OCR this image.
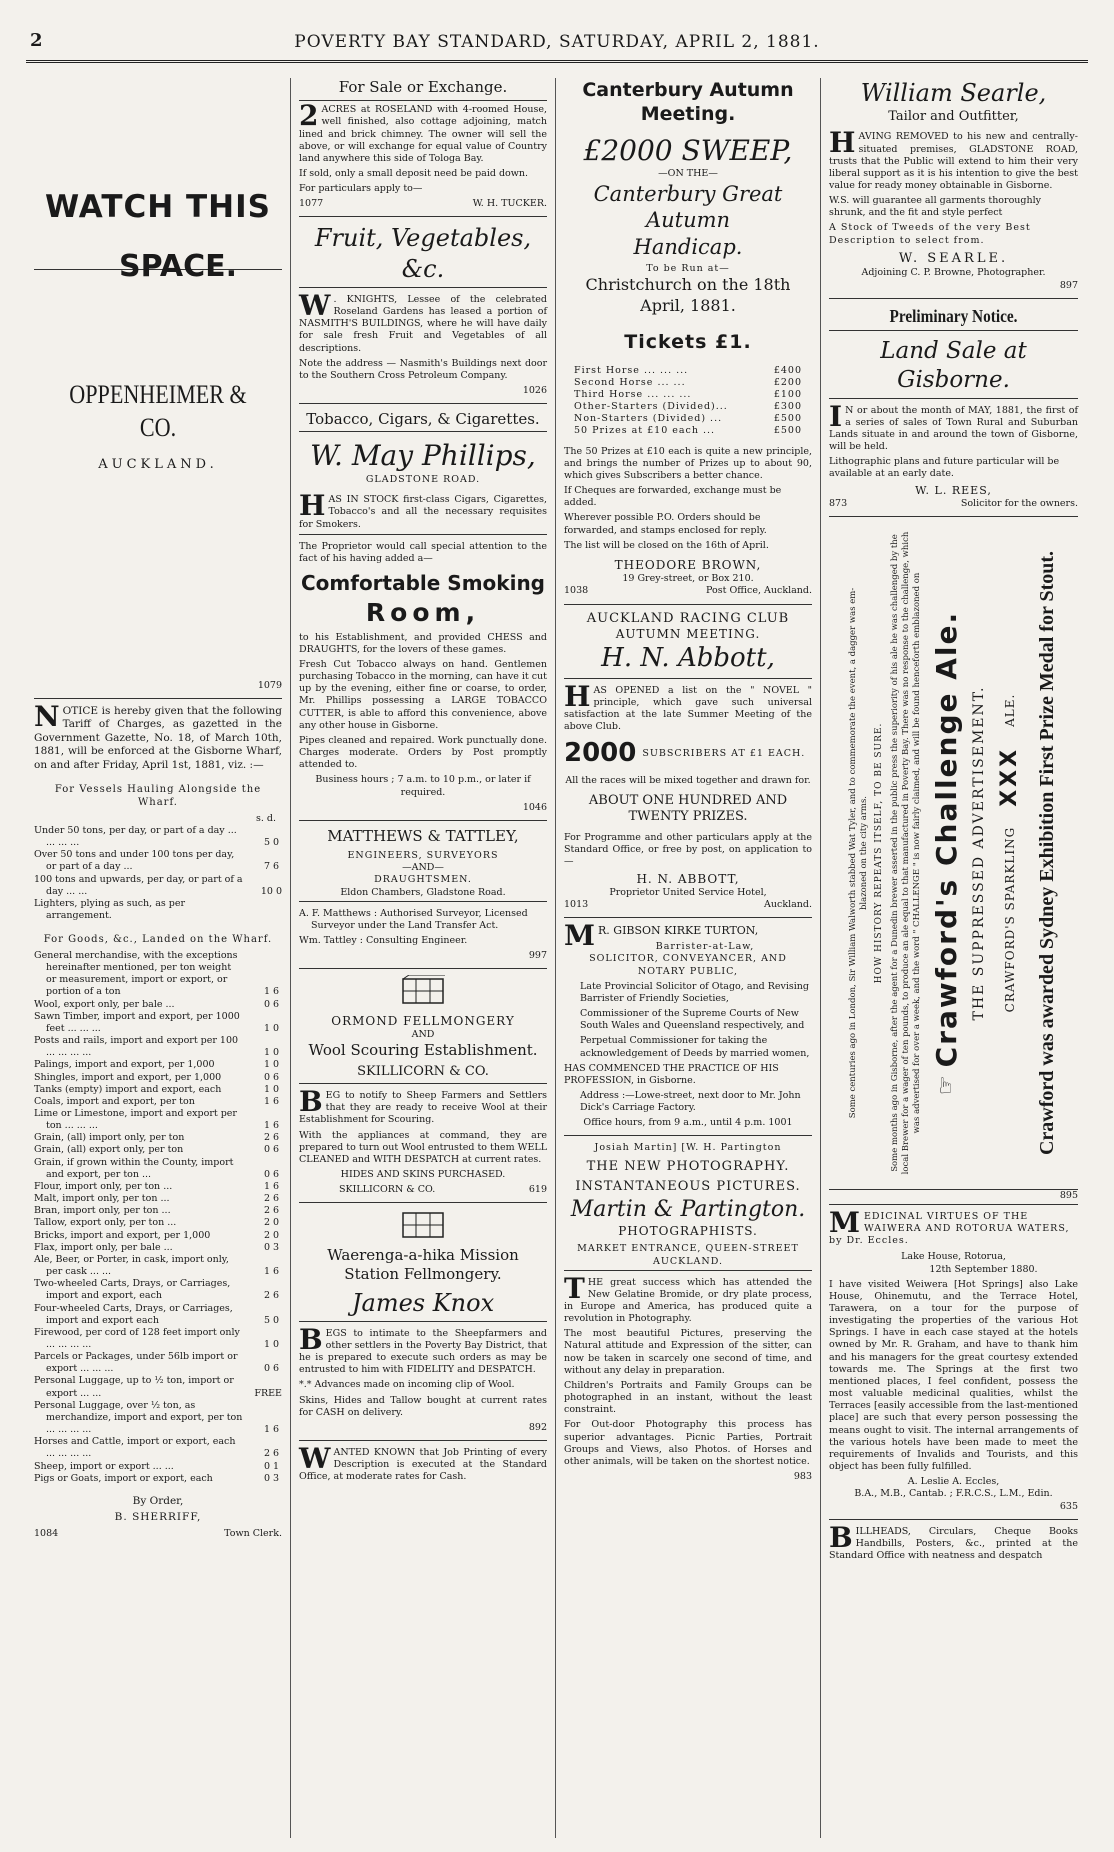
2	POVERTY BAY STANDARD, SATURDAY, APRIL 2, 1881.
WATCH THIS
SPACE.
OPPENHEIMER & CO.
AUCKLAND.
1079

NOTICE is hereby given that the following Tariff of Charges, as gazetted in the Government Gazette, No. 18, of March 10th, 1881, will be enforced at the Gisborne Wharf, on and after Friday, April 1st, 1881, viz. :—

For Vessels Hauling Alongside the Wharf.

s. d.
Under 50 tons, per day, or part of a day ... ... ... ...	5 0
Over 50 tons and under 100 tons per day, or part of a day ...	7 6
100 tons and upwards, per day, or part of a day ... ...	10 0
Lighters, plying as such, as per arrangement.

For Goods, &c., Landed on the Wharf.

General merchandise, with the exceptions hereinafter mentioned, per ton weight or measurement, import or export, or portion of a ton	1 6
Wool, export only, per bale ...	0 6
Sawn Timber, import and export, per 1000 feet ... ... ...	1 0
Posts and rails, import and export per 100 ... ... ... ...	1 0
Palings, import and export, per 1,000	1 0
Shingles, import and export, per 1,000	0 6
Tanks (empty) import and export, each	1 0
Coals, import and export, per ton	1 6
Lime or Limestone, import and export per ton ... ... ...	1 6
Grain, (all) import only, per ton	2 6
Grain, (all) export only, per ton	0 6
Grain, if grown within the County, import and export, per ton ...	0 6
Flour, import only, per ton ...	1 6
Malt, import only, per ton ...	2 6
Bran, import only, per ton ...	2 6
Tallow, export only, per ton ...	2 0
Bricks, import and export, per 1,000	2 0
Flax, import only, per bale ...	0 3
Ale, Beer, or Porter, in cask, import only, per cask ... ...	1 6
Two-wheeled Carts, Drays, or Carriages, import and export, each	2 6
Four-wheeled Carts, Drays, or Carriages, import and export each	5 0
Firewood, per cord of 128 feet import only ... ... ... ...	1 0
Parcels or Packages, under 56lb import or export ... ... ...	0 6
Personal Luggage, up to ½ ton, import or export ... ...	FREE
Personal Luggage, over ½ ton, as merchandize, import and export, per ton ... ... ... ...	1 6
Horses and Cattle, import or export, each ... ... ... ...	2 6
Sheep, import or export ... ...	0 1
Pigs or Goats, import or export, each	0 3

By Order,

B. SHERRIFF,

1084	Town Clerk.
For Sale or Exchange.

2 ACRES at ROSELAND with 4-roomed House, well finished, also cottage adjoining, match lined and brick chimney. The owner will sell the above, or will exchange for equal value of Country land anywhere this side of Tologa Bay.

If sold, only a small deposit need be paid down.

For particulars apply to—

1077	W. H. TUCKER.
Fruit, Vegetables, &c.

W . KNIGHTS, Lessee of the celebrated Roseland Gardens has leased a portion of NASMITH'S BUILDINGS, where he will have daily for sale fresh Fruit and Vegetables of all descriptions.

Note the address — Nasmith's Buildings next door to the Southern Cross Petroleum Company.

1026
Tobacco, Cigars, & Cigarettes.
W. May Phillips,
GLADSTONE ROAD.

HAS IN STOCK first-class Cigars, Cigarettes, Tobacco's and all the necessary requisites for Smokers.

The Proprietor would call special attention to the fact of his having added a—

Comfortable Smoking
Room,

to his Establishment, and provided CHESS and DRAUGHTS, for the lovers of these games.

Fresh Cut Tobacco always on hand. Gentlemen purchasing Tobacco in the morning, can have it cut up by the evening, either fine or coarse, to order, Mr. Phillips possessing a LARGE TOBACCO CUTTER, is able to afford this convenience, above any other house in Gisborne.

Pipes cleaned and repaired. Work punctually done. Charges moderate. Orders by Post promptly attended to.

Business hours ; 7 a.m. to 10 p.m., or later if required.

1046
MATTHEWS & TATTLEY,
ENGINEERS, SURVEYORS
—AND—
DRAUGHTSMEN.
Eldon Chambers, Gladstone Road.

A. F. Matthews : Authorised Surveyor, Licensed Surveyor under the Land Transfer Act.

Wm. Tattley : Consulting Engineer.

997
ORMOND FELLMONGERY
AND
Wool Scouring Establishment.
SKILLICORN & CO.

BEG to notify to Sheep Farmers and Settlers that they are ready to receive Wool at their Establishment for Scouring.

With the appliances at command, they are prepared to turn out Wool entrusted to them WELL CLEANED and WITH DESPATCH at current rates.

HIDES AND SKINS PURCHASED.

SKILLICORN & CO.	619
Waerenga-a-hika Mission
Station Fellmongery.
James Knox

BEGS to intimate to the Sheepfarmers and other settlers in the Poverty Bay District, that he is prepared to execute such orders as may be entrusted to him with FIDELITY and DESPATCH.

*.* Advances made on incoming clip of Wool.

Skins, Hides and Tallow bought at current rates for CASH on delivery.

892

WANTED KNOWN that Job Printing of every Description is executed at the Standard Office, at moderate rates for Cash.

Canterbury Autumn
Meeting.
£2000 SWEEP,
—ON THE—
Canterbury Great Autumn
Handicap.
To be Run at—
Christchurch on the 18th
April, 1881.
Tickets £1.
First Horse ... ... ...	£400
Second Horse ... ...	£200
Third Horse ... ... ...	£100
Other-Starters (Divided)...	£300
Non-Starters (Divided) ...	£500
50 Prizes at £10 each ...	£500

The 50 Prizes at £10 each is quite a new principle, and brings the number of Prizes up to about 90, which gives Subscribers a better chance.

If Cheques are forwarded, exchange must be added.

Wherever possible P.O. Orders should be forwarded, and stamps enclosed for reply.

The list will be closed on the 16th of April.

THEODORE BROWN,
19 Grey-street, or Box 210.
1038	Post Office, Auckland.
AUCKLAND RACING CLUB
AUTUMN MEETING.
H. N. Abbott,

HAS OPENED a list on the " NOVEL " principle, which gave such universal satisfaction at the late Summer Meeting of the above Club.

2000 SUBSCRIBERS AT £1 EACH.

All the races will be mixed together and drawn for.

ABOUT ONE HUNDRED AND
TWENTY PRIZES.

For Programme and other particulars apply at the Standard Office, or free by post, on application to—

H. N. ABBOTT,
Proprietor United Service Hotel,
1013	Auckland.

M R. GIBSON KIRKE TURTON,

Barrister-at-Law,
SOLICITOR, CONVEYANCER, AND NOTARY PUBLIC,

Late Provincial Solicitor of Otago, and Revising Barrister of Friendly Societies,

Commissioner of the Supreme Courts of New South Wales and Queensland respectively, and

Perpetual Commissioner for taking the acknowledgement of Deeds by married women,

HAS COMMENCED THE PRACTICE OF HIS PROFESSION, in Gisborne.

Address :—Lowe-street, next door to Mr. John Dick's Carriage Factory.

Office hours, from 9 a.m., until 4 p.m. 1001

Josiah Martin] [W. H. Partington
THE NEW PHOTOGRAPHY.
INSTANTANEOUS PICTURES.
Martin & Partington.
PHOTOGRAPHISTS.
MARKET ENTRANCE, QUEEN-STREET AUCKLAND.

THE great success which has attended the New Gelatine Bromide, or dry plate process, in Europe and America, has produced quite a revolution in Photography.

The most beautiful Pictures, preserving the Natural attitude and Expression of the sitter, can now be taken in scarcely one second of time, and without any delay in preparation.

Children's Portraits and Family Groups can be photographed in an instant, without the least constraint.

For Out-door Photography this process has superior advantages. Picnic Parties, Portrait Groups and Views, also Photos. of Horses and other animals, will be taken on the shortest notice.

983
William Searle,
Tailor and Outfitter,

HAVING REMOVED to his new and centrally-situated premises, GLADSTONE ROAD, trusts that the Public will extend to him their very liberal support as it is his intention to give the best value for ready money obtainable in Gisborne.

W.S. will guarantee all garments thoroughly shrunk, and the fit and style perfect

A Stock of Tweeds of the very Best Description to select from.

W. SEARLE.
Adjoining C. P. Browne, Photographer.
897
Preliminary Notice.
Land Sale at Gisborne.

I N or about the month of MAY, 1881, the first of a series of sales of Town Rural and Suburban Lands situate in and around the town of Gisborne, will be held.

Lithographic plans and future particular will be available at an early date.

W. L. REES,
873	Solicitor for the owners.
Some centuries ago in London, Sir William Walworth stabbed Wat Tyler, and to commemorate the event, a dagger was em-
blazoned on the city arms. HOW HISTORY REPEATS ITSELF, TO BE SURE. Some months ago in Gisborne, after the agent for a Dunedin brewer asserted in the public press the superiority of his ale he was challenged by the local Brewer for a wager of ten pounds, to produce an ale equal to that manufactured in Poverty Bay. There was no response to the challenge, which was advertised for over a week, and the word " CHALLENGE " is now fairly claimed, and will be found henceforth emblazoned on
☞
Crawford's Challenge Ale. THE SUPPRESSED ADVERTISEMENT. CRAWFORD'S SPARKLING
XXX
ALE. Crawford was awarded Sydney Exhibition First Prize Medal for Stout.
895

MEDICINAL VIRTUES OF THE WAIWERA AND ROTORUA WATERS, by Dr. Eccles.

Lake House, Rotorua,
12th September 1880.

I have visited Weiwera [Hot Springs] also Lake House, Ohinemutu, and the Terrace Hotel, Tarawera, on a tour for the purpose of investigating the properties of the various Hot Springs. I have in each case stayed at the hotels owned by Mr. R. Graham, and have to thank him and his managers for the great courtesy extended towards me. The Springs at the first two mentioned places, I feel confident, possess the most valuable medicinal qualities, whilst the Terraces [easily accessible from the last-mentioned place] are such that every person possessing the means ought to visit. The internal arrangements of the various hotels have been made to meet the requirements of Invalids and Tourists, and this object has been fully fulfilled.

A. Leslie A. Eccles,
B.A., M.B., Cantab. ; F.R.C.S., L.M., Edin.
635

BILLHEADS, Circulars, Cheque Books Handbills, Posters, &c., printed at the Standard Office with neatness and despatch
